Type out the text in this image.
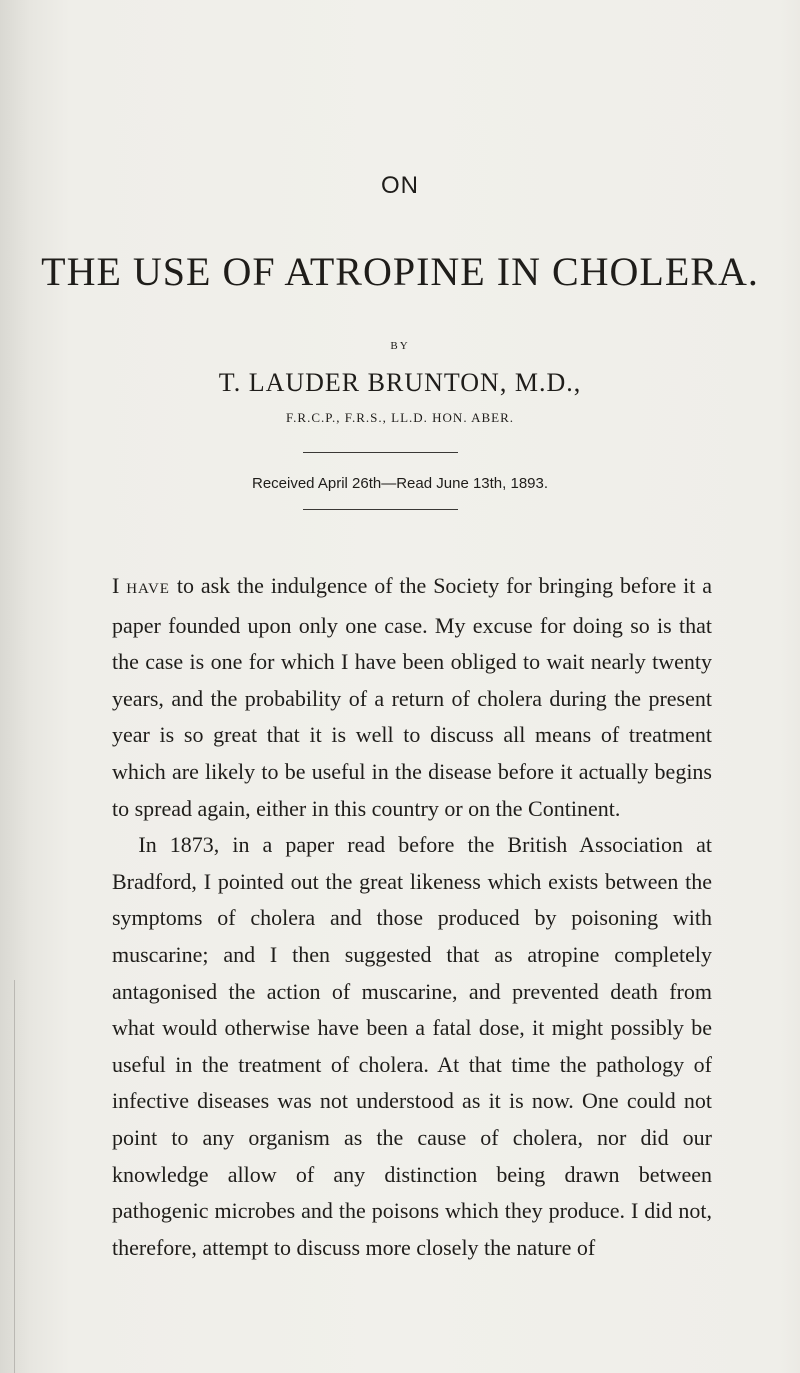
ON
THE USE OF ATROPINE IN CHOLERA.
BY
T. LAUDER BRUNTON, M.D.,
F.R.C.P., F.R.S., LL.D. HON. ABER.
Received April 26th—Read June 13th, 1893.

I HAVE to ask the indulgence of the Society for bringing before it a paper founded upon only one case. My excuse for doing so is that the case is one for which I have been obliged to wait nearly twenty years, and the probability of a return of cholera during the present year is so great that it is well to discuss all means of treatment which are likely to be useful in the disease before it actually begins to spread again, either in this country or on the Continent.

In 1873, in a paper read before the British Association at Bradford, I pointed out the great likeness which exists between the symptoms of cholera and those produced by poisoning with muscarine; and I then suggested that as atropine completely antagonised the action of muscarine, and prevented death from what would otherwise have been a fatal dose, it might possibly be useful in the treatment of cholera. At that time the pathology of infective diseases was not understood as it is now. One could not point to any organism as the cause of cholera, nor did our knowledge allow of any distinction being drawn between pathogenic microbes and the poisons which they produce. I did not, therefore, attempt to discuss more closely the nature of
